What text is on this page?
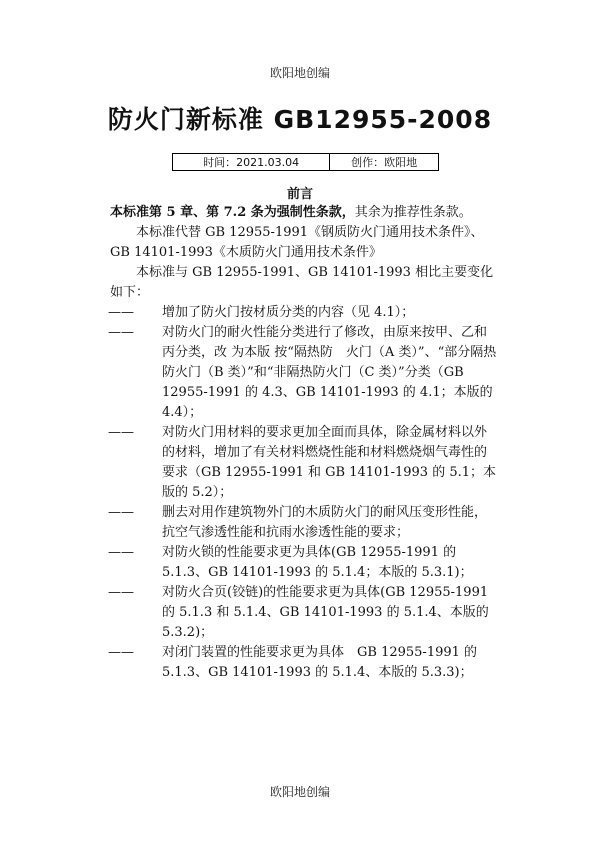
欧阳地创编
防火门新标准 GB12955-2008
时间：2021.03.04	创作：欧阳地
前言

本标准第 5 章、第 7.2 条为强制性条款，其余为推荐性条款。

本标准代替 GB 12955-1991《钢质防火门通用技术条件》、GB 14101-1993《木质防火门通用技术条件》

本标准与 GB 12955-1991、GB 14101-1993 相比主要变化如下：

—— 增加了防火门按材质分类的内容（见 4.1）；

—— 对防火门的耐火性能分类进行了修改，由原来按甲、乙和丙分类，改 为本版 按“隔热防　火门（A 类）”、“部分隔热防火门（B 类）”和“非隔热防火门（C 类）”分类（GB 12955-1991 的 4.3、GB 14101-1993 的 4.1；本版的 4.4）；

—— 对防火门用材料的要求更加全面而具体，除金属材料以外的材料，增加了有关材料燃烧性能和材料燃烧烟气毒性的要求（GB 12955-1991 和 GB 14101-1993 的 5.1；本版的 5.2）；

—— 删去对用作建筑物外门的木质防火门的耐风压变形性能，抗空气渗透性能和抗雨水渗透性能的要求；

—— 对防火锁的性能要求更为具体(GB 12955-1991 的 5.1.3、GB 14101-1993 的 5.1.4；本版的 5.3.1)；

—— 对防火合页(铰链)的性能要求更为具体(GB 12955-1991 的 5.1.3 和 5.1.4、GB 14101-1993 的 5.1.4、本版的 5.3.2)；

—— 对闭门装置的性能要求更为具体　GB 12955-1991 的 5.1.3、GB 14101-1993 的 5.1.4、本版的 5.3.3)；

欧阳地创编
